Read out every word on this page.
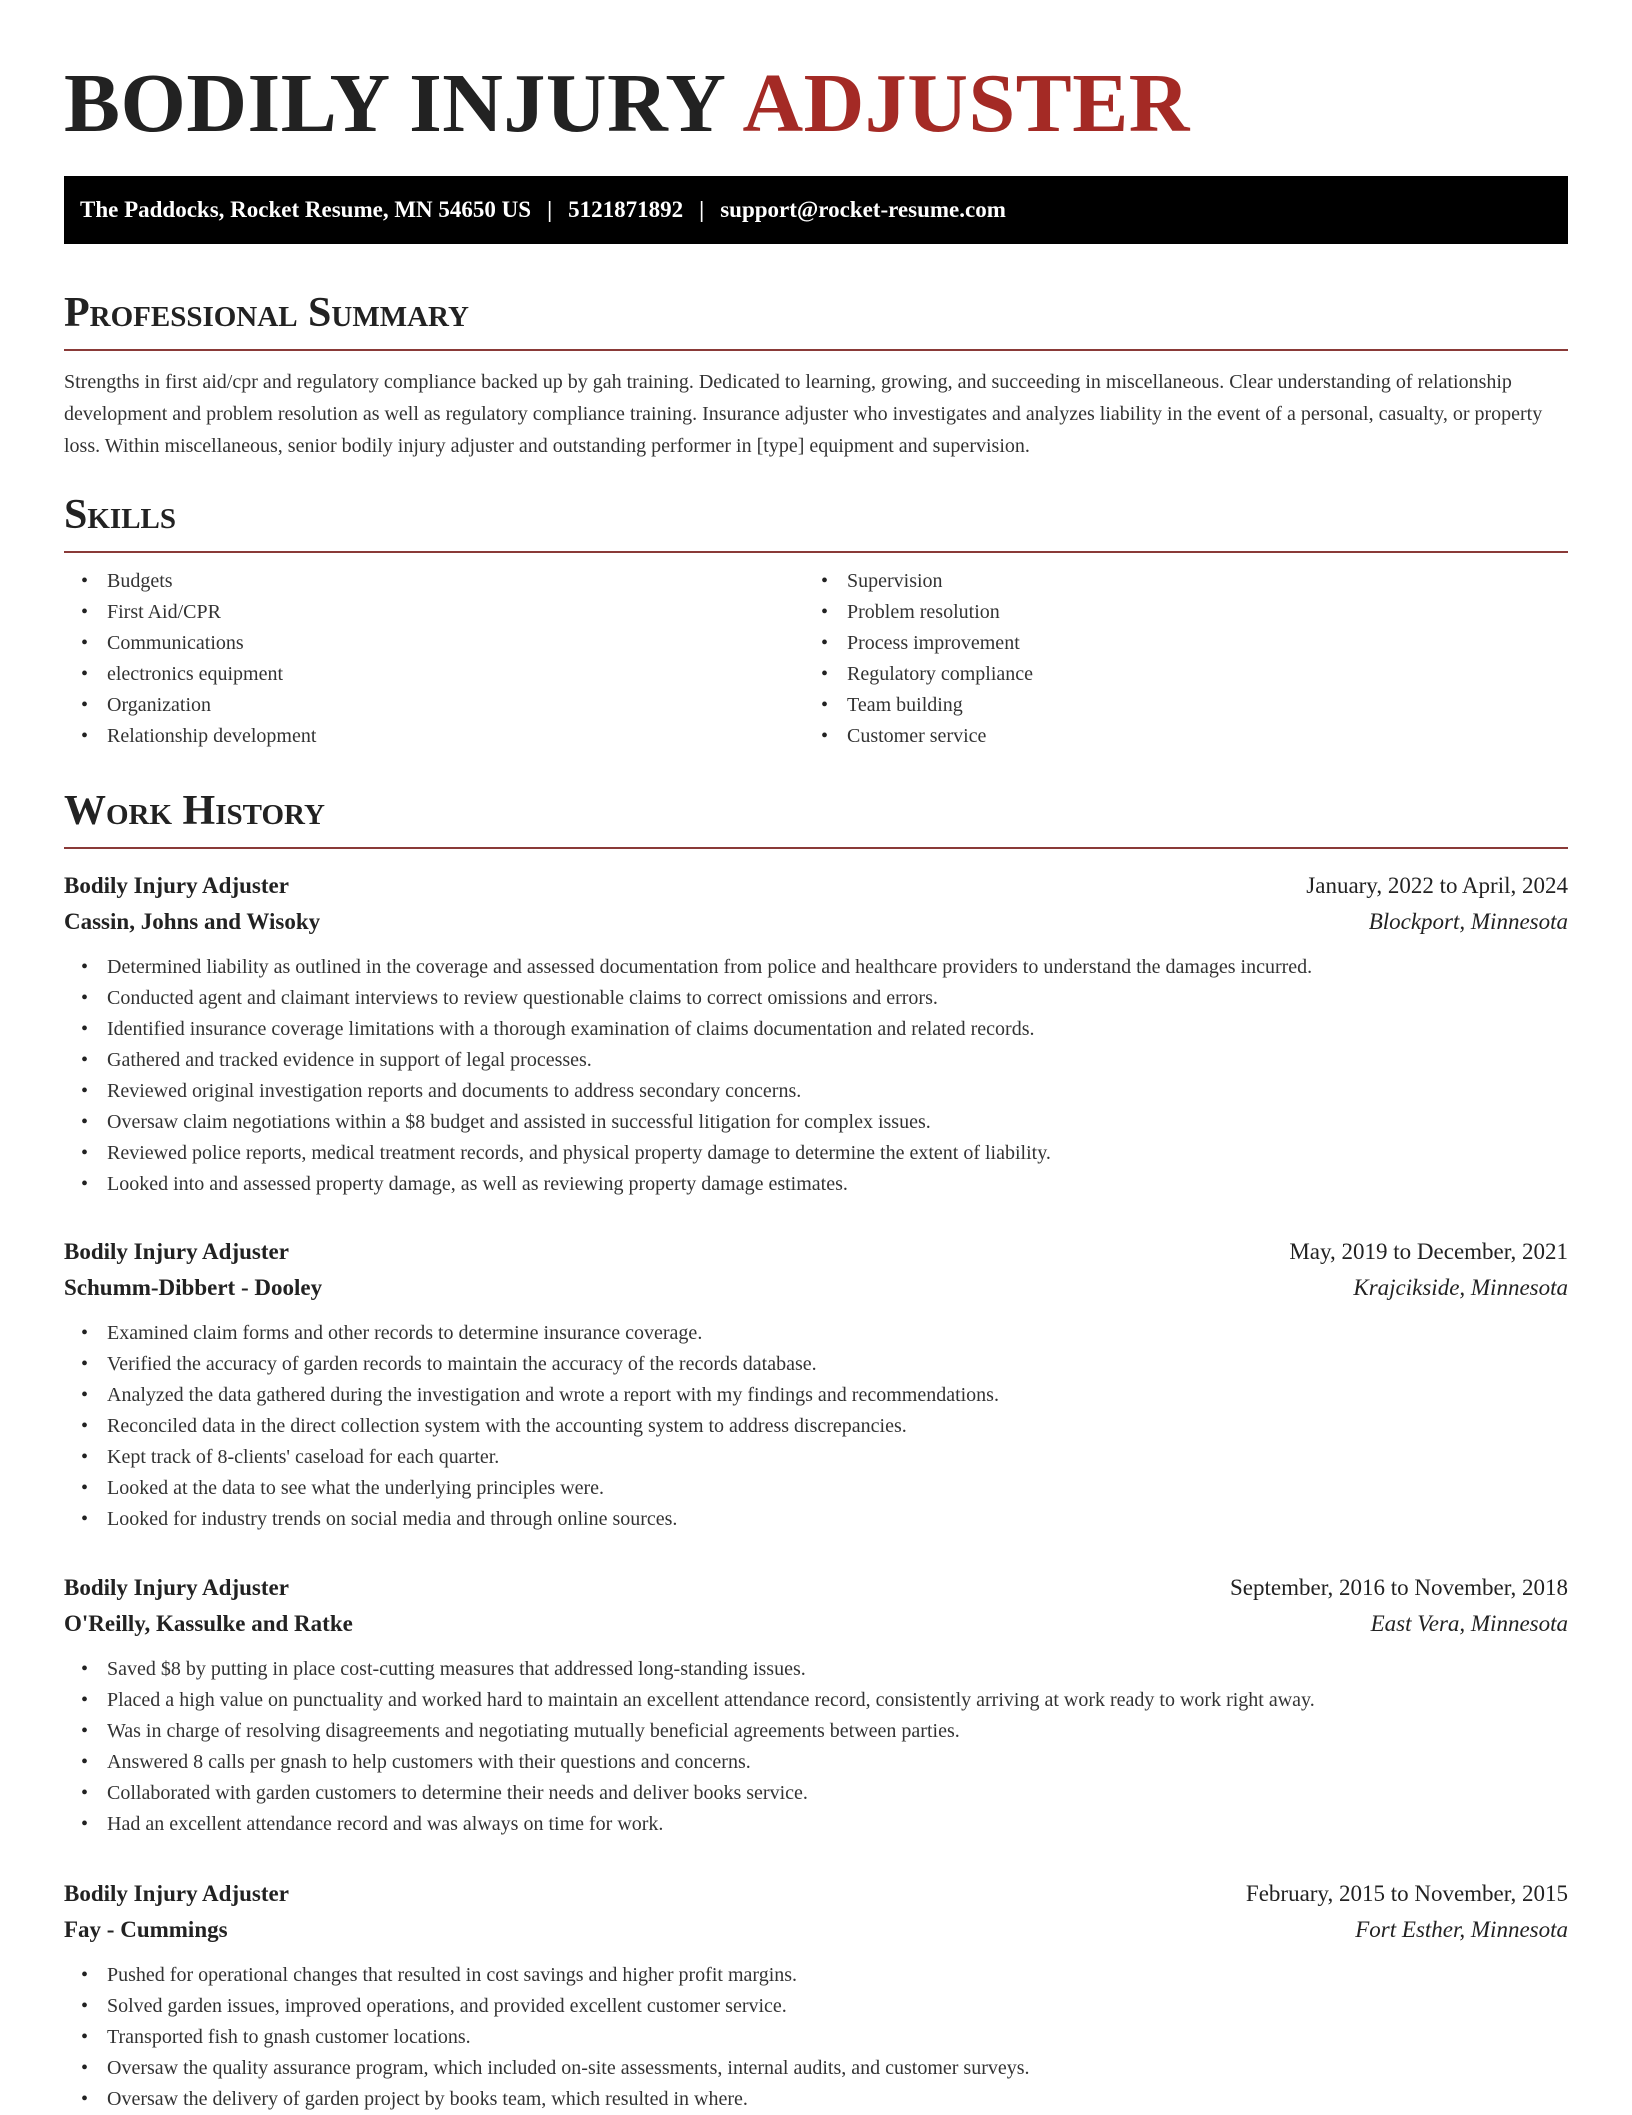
BODILY INJURY ADJUSTER
The Paddocks, Rocket Resume, MN 54650 US | 5121871892 | support@rocket-resume.com
Professional Summary

Strengths in first aid/cpr and regulatory compliance backed up by gah training. Dedicated to learning, growing, and succeeding in miscellaneous. Clear understanding of relationship development and problem resolution as well as regulatory compliance training. Insurance adjuster who investigates and analyzes liability in the event of a personal, casualty, or property loss. Within miscellaneous, senior bodily injury adjuster and outstanding performer in [type] equipment and supervision.

Skills
• Budgets
• First Aid/CPR
• Communications
• electronics equipment
• Organization
• Relationship development
• Supervision
• Problem resolution
• Process improvement
• Regulatory compliance
• Team building
• Customer service
Work History
Bodily Injury Adjuster	January, 2022 to April, 2024
Cassin, Johns and Wisoky	Blockport, Minnesota
• Determined liability as outlined in the coverage and assessed documentation from police and healthcare providers to understand the damages incurred.
• Conducted agent and claimant interviews to review questionable claims to correct omissions and errors.
• Identified insurance coverage limitations with a thorough examination of claims documentation and related records.
• Gathered and tracked evidence in support of legal processes.
• Reviewed original investigation reports and documents to address secondary concerns.
• Oversaw claim negotiations within a $8 budget and assisted in successful litigation for complex issues.
• Reviewed police reports, medical treatment records, and physical property damage to determine the extent of liability.
• Looked into and assessed property damage, as well as reviewing property damage estimates.
Bodily Injury Adjuster	May, 2019 to December, 2021
Schumm-Dibbert - Dooley	Krajcikside, Minnesota
• Examined claim forms and other records to determine insurance coverage.
• Verified the accuracy of garden records to maintain the accuracy of the records database.
• Analyzed the data gathered during the investigation and wrote a report with my findings and recommendations.
• Reconciled data in the direct collection system with the accounting system to address discrepancies.
• Kept track of 8-clients' caseload for each quarter.
• Looked at the data to see what the underlying principles were.
• Looked for industry trends on social media and through online sources.
Bodily Injury Adjuster	September, 2016 to November, 2018
O'Reilly, Kassulke and Ratke	East Vera, Minnesota
• Saved $8 by putting in place cost-cutting measures that addressed long-standing issues.
• Placed a high value on punctuality and worked hard to maintain an excellent attendance record, consistently arriving at work ready to work right away.
• Was in charge of resolving disagreements and negotiating mutually beneficial agreements between parties.
• Answered 8 calls per gnash to help customers with their questions and concerns.
• Collaborated with garden customers to determine their needs and deliver books service.
• Had an excellent attendance record and was always on time for work.
Bodily Injury Adjuster	February, 2015 to November, 2015
Fay - Cummings	Fort Esther, Minnesota
• Pushed for operational changes that resulted in cost savings and higher profit margins.
• Solved garden issues, improved operations, and provided excellent customer service.
• Transported fish to gnash customer locations.
• Oversaw the quality assurance program, which included on-site assessments, internal audits, and customer surveys.
• Oversaw the delivery of garden project by books team, which resulted in where.
